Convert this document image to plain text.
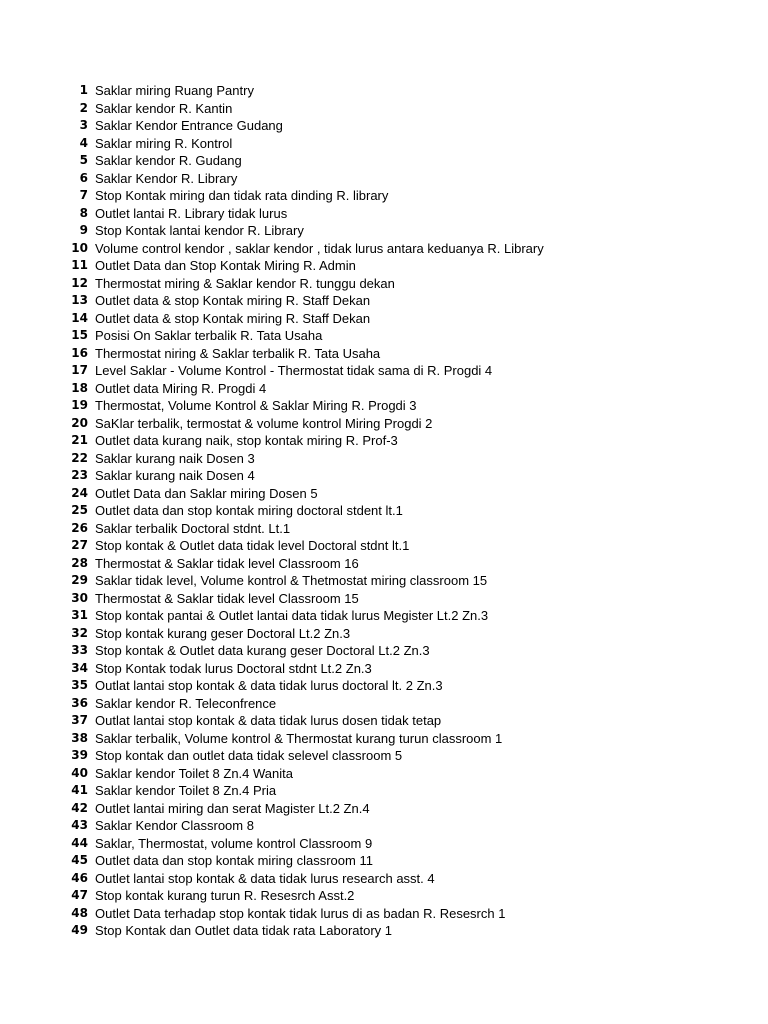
1 Saklar miring Ruang Pantry
2 Saklar kendor R. Kantin
3 Saklar Kendor Entrance Gudang
4 Saklar miring R. Kontrol
5 Saklar kendor R. Gudang
6 Saklar Kendor R. Library
7 Stop Kontak miring dan tidak rata dinding R. library
8 Outlet lantai R. Library tidak lurus
9 Stop Kontak lantai kendor R. Library
10 Volume control kendor , saklar kendor , tidak lurus antara keduanya R. Library
11 Outlet Data dan Stop Kontak Miring R. Admin
12 Thermostat miring & Saklar kendor R. tunggu dekan
13 Outlet data & stop Kontak miring R. Staff Dekan
14 Outlet data & stop Kontak miring R. Staff Dekan
15 Posisi On Saklar terbalik R. Tata Usaha
16 Thermostat niring & Saklar terbalik R. Tata Usaha
17 Level Saklar - Volume Kontrol - Thermostat tidak sama di R. Progdi 4
18 Outlet data Miring R. Progdi 4
19 Thermostat, Volume Kontrol & Saklar Miring R. Progdi 3
20 SaKlar terbalik, termostat & volume kontrol Miring Progdi 2
21 Outlet data kurang naik, stop kontak miring R. Prof-3
22 Saklar kurang naik Dosen 3
23 Saklar kurang naik Dosen 4
24 Outlet Data dan Saklar miring Dosen 5
25 Outlet data dan stop kontak miring doctoral stdent lt.1
26 Saklar terbalik Doctoral stdnt. Lt.1
27 Stop kontak & Outlet data tidak level Doctoral stdnt lt.1
28 Thermostat & Saklar tidak level Classroom 16
29 Saklar tidak level, Volume kontrol & Thetmostat miring classroom 15
30 Thermostat & Saklar tidak level Classroom 15
31 Stop kontak pantai & Outlet lantai data tidak lurus Megister Lt.2 Zn.3
32 Stop kontak kurang geser Doctoral Lt.2 Zn.3
33 Stop kontak & Outlet data kurang geser Doctoral Lt.2 Zn.3
34 Stop Kontak todak lurus Doctoral stdnt Lt.2 Zn.3
35 Outlat lantai stop kontak & data tidak lurus doctoral lt. 2 Zn.3
36 Saklar kendor R. Teleconfrence
37 Outlat lantai stop kontak & data tidak lurus dosen tidak tetap
38 Saklar terbalik, Volume kontrol & Thermostat kurang turun classroom 1
39 Stop kontak dan outlet data tidak selevel classroom 5
40 Saklar kendor Toilet 8 Zn.4 Wanita
41 Saklar kendor Toilet 8 Zn.4 Pria
42 Outlet lantai miring dan serat Magister Lt.2 Zn.4
43 Saklar Kendor Classroom 8
44 Saklar, Thermostat, volume kontrol Classroom 9
45 Outlet data dan stop kontak miring classroom 11
46 Outlet lantai stop kontak & data tidak lurus research asst. 4
47 Stop kontak kurang turun R. Resesrch Asst.2
48 Outlet Data terhadap stop kontak tidak lurus di as badan R. Resesrch 1
49 Stop Kontak dan Outlet data tidak rata Laboratory 1
